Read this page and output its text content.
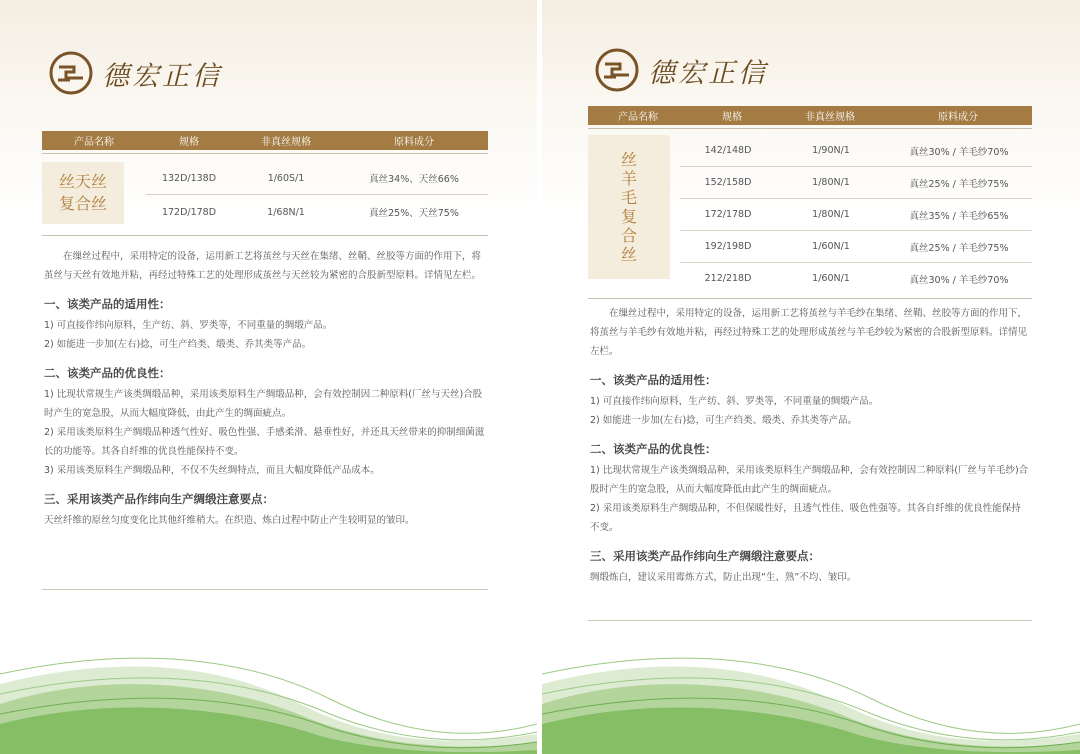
德宏正信
产品名称	规格	非真丝规格	原料成分
丝天丝
复合丝
132D/138D	1/60S/1	真丝34%、天丝66%
172D/178D	1/68N/1	真丝25%、天丝75%

在缫丝过程中，采用特定的设备，运用新工艺将茧丝与天丝在集绪、丝鞘、丝胶等方面的作用下，将茧丝与天丝有效地并粘，再经过特殊工艺的处理形成茧丝与天丝较为紧密的合股新型原料。详情见左栏。

一、该类产品的适用性：

1) 可直接作纬向原料，生产纺、斜、罗类等，不同重量的绸缎产品。

2) 如能进一步加(左右)捻，可生产绉类、缎类、乔其类等产品。

二、该类产品的优良性：

1) 比现状常规生产该类绸缎品种，采用该类原料生产绸缎品种，会有效控制因二种原料(厂丝与天丝)合股时产生的宽急股，从而大幅度降低，由此产生的绸面疵点。

2) 采用该类原料生产绸缎品种透气性好、吸色性强、手感柔滑、悬垂性好，并还具天丝带来的抑制细菌滋长的功能等。其各自纤维的优良性能保持不变。

3) 采用该类原料生产绸缎品种，不仅不失丝绸特点，而且大幅度降低产品成本。

三、采用该类产品作纬向生产绸缎注意要点：

天丝纤维的原丝匀度变化比其他纤维稍大。在织造、炼白过程中防止产生较明显的皱印。

德宏正信
产品名称	规格	非真丝规格	原料成分
丝
羊
毛
复
合
丝
142/148D	1/90N/1	真丝30% / 羊毛纱70%
152/158D	1/80N/1	真丝25% / 羊毛纱75%
172/178D	1/80N/1	真丝35% / 羊毛纱65%
192/198D	1/60N/1	真丝25% / 羊毛纱75%
212/218D	1/60N/1	真丝30% / 羊毛纱70%

在缫丝过程中，采用特定的设备，运用新工艺将茧丝与羊毛纱在集绪、丝鞘、丝胶等方面的作用下，将茧丝与羊毛纱有效地并粘，再经过特殊工艺的处理形成茧丝与羊毛纱较为紧密的合股新型原料。详情见左栏。

一、该类产品的适用性：

1) 可直接作纬向原料，生产纺、斜、罗类等，不同重量的绸缎产品。

2) 如能进一步加(左右)捻，可生产绉类、缎类、乔其类等产品。

二、该类产品的优良性：

1) 比现状常规生产该类绸缎品种，采用该类原料生产绸缎品种，会有效控制因二种原料(厂丝与羊毛纱)合股时产生的宽急股，从而大幅度降低由此产生的绸面疵点。

2) 采用该类原料生产绸缎品种，不但保暖性好，且透气性佳、吸色性强等。其各自纤维的优良性能保持不变。

三、采用该类产品作纬向生产绸缎注意要点：

绸缎炼白，建议采用霉炼方式，防止出现“生、熟”不均、皱印。
